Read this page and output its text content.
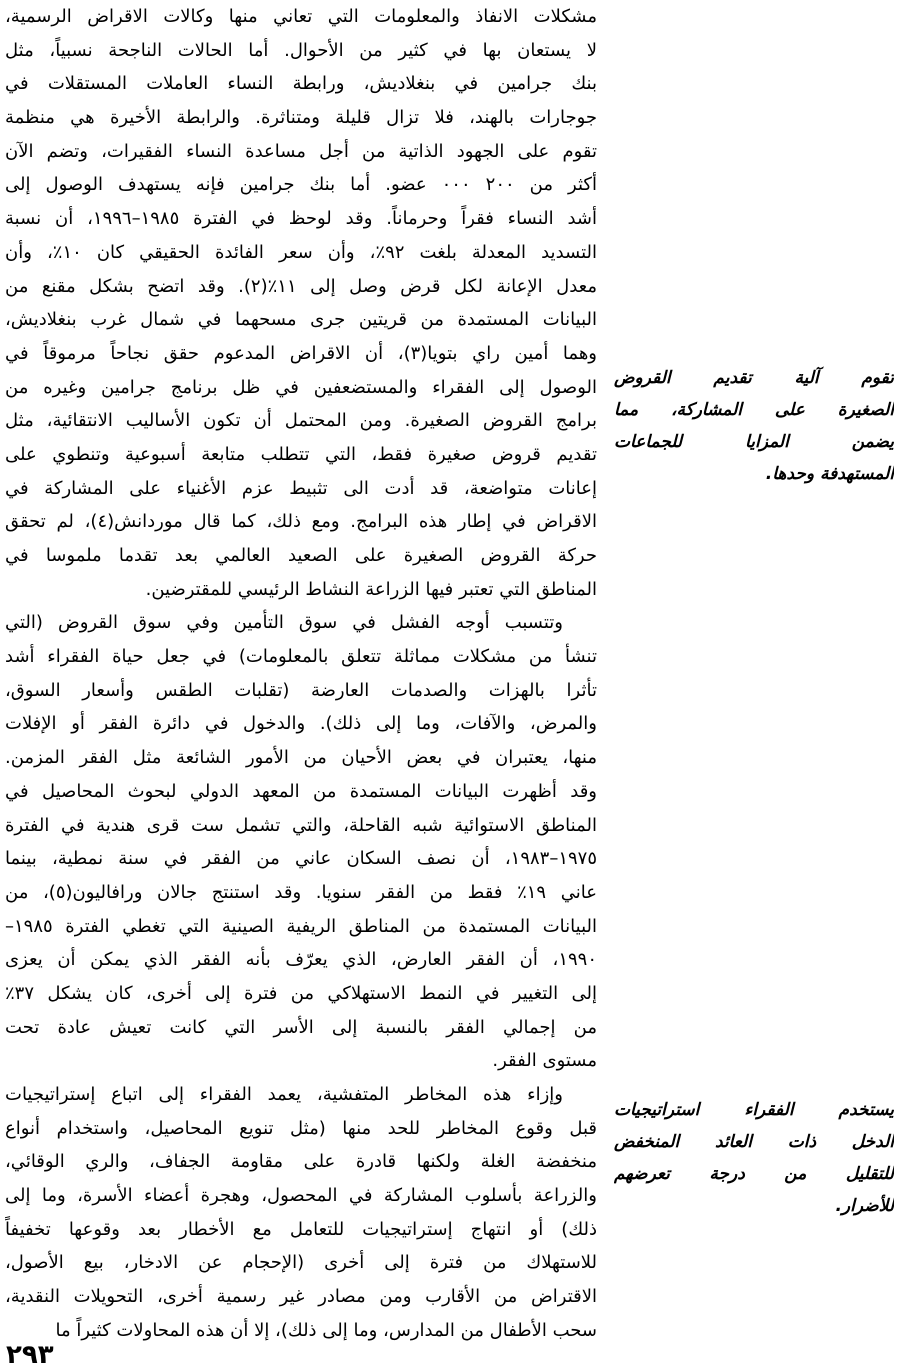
مشكلات الانفاذ والمعلومات التي تعاني منها وكالات الاقراض الرسمية،
لا يستعان بها في كثير من الأحوال. أما الحالات الناجحة نسبياً، مثل
بنك جرامين في بنغلاديش، ورابطة النساء العاملات المستقلات في
جوجارات بالهند، فلا تزال قليلة ومتناثرة. والرابطة الأخيرة هي منظمة
تقوم على الجهود الذاتية من أجل مساعدة النساء الفقيرات، وتضم الآن
أكثر من ٢٠٠ ٠٠٠ عضو. أما بنك جرامين فإنه يستهدف الوصول إلى
أشد النساء فقراً وحرماناً. وقد لوحظ في الفترة ١٩٨٥–١٩٩٦، أن نسبة
التسديد المعدلة بلغت ٩٢٪، وأن سعر الفائدة الحقيقي كان ١٠٪، وأن
معدل الإعانة لكل قرض وصل إلى ١١٪(٢). وقد اتضح بشكل مقنع من
البيانات المستمدة من قريتين جرى مسحهما في شمال غرب بنغلاديش،
وهما أمين راي بتويا(٣)، أن الاقراض المدعوم حقق نجاحاً مرموقاً في
الوصول إلى الفقراء والمستضعفين في ظل برنامج جرامين وغيره من
برامج القروض الصغيرة. ومن المحتمل أن تكون الأساليب الانتقائية، مثل
تقديم قروض صغيرة فقط، التي تتطلب متابعة أسبوعية وتنطوي على
إعانات متواضعة، قد أدت الى تثبيط عزم الأغنياء على المشاركة في
الاقراض في إطار هذه البرامج. ومع ذلك، كما قال موردانش(٤)، لم تحقق
حركة القروض الصغيرة على الصعيد العالمي بعد تقدما ملموسا في
المناطق التي تعتبر فيها الزراعة النشاط الرئيسي للمقترضين.
وتتسبب أوجه الفشل في سوق التأمين وفي سوق القروض (التي
تنشأ من مشكلات مماثلة تتعلق بالمعلومات) في جعل حياة الفقراء أشد
تأثرا بالهزات والصدمات العارضة (تقلبات الطقس وأسعار السوق،
والمرض، والآفات، وما إلى ذلك). والدخول في دائرة الفقر أو الإفلات
منها، يعتبران في بعض الأحيان من الأمور الشائعة مثل الفقر المزمن.
وقد أظهرت البيانات المستمدة من المعهد الدولي لبحوث المحاصيل في
المناطق الاستوائية شبه القاحلة، والتي تشمل ست قرى هندية في الفترة
١٩٧٥–١٩٨٣، أن نصف السكان عاني من الفقر في سنة نمطية، بينما
عاني ١٩٪ فقط من الفقر سنويا. وقد استنتج جالان ورافاليون(٥)، من
البيانات المستمدة من المناطق الريفية الصينية التي تغطي الفترة ١٩٨٥–
١٩٩٠، أن الفقر العارض، الذي يعرّف بأنه الفقر الذي يمكن أن يعزى
إلى التغيير في النمط الاستهلاكي من فترة إلى أخرى، كان يشكل ٣٧٪
من إجمالي الفقر بالنسبة إلى الأسر التي كانت تعيش عادة تحت
مستوى الفقر.
وإزاء هذه المخاطر المتفشية، يعمد الفقراء إلى اتباع إستراتيجيات
قبل وقوع المخاطر للحد منها (مثل تنويع المحاصيل، واستخدام أنواع
منخفضة الغلة ولكنها قادرة على مقاومة الجفاف، والري الوقائي،
والزراعة بأسلوب المشاركة في المحصول، وهجرة أعضاء الأسرة، وما إلى
ذلك) أو انتهاج إستراتيجيات للتعامل مع الأخطار بعد وقوعها تخفيفاً
للاستهلاك من فترة إلى أخرى (الإحجام عن الادخار، بيع الأصول،
الاقتراض من الأقارب ومن مصادر غير رسمية أخرى، التحويلات النقدية،
سحب الأطفال من المدارس، وما إلى ذلك)، إلا أن هذه المحاولات كثيراً ما
تقوم آلية تقديم القروض
الصغيرة على المشاركة، مما
يضمن المزايا للجماعات
المستهدفة وحدها.
يستخدم الفقراء استراتيجيات
الدخل ذات العائد المنخفض
للتقليل من درجة تعرضهم
للأضرار.
٢٩٣
